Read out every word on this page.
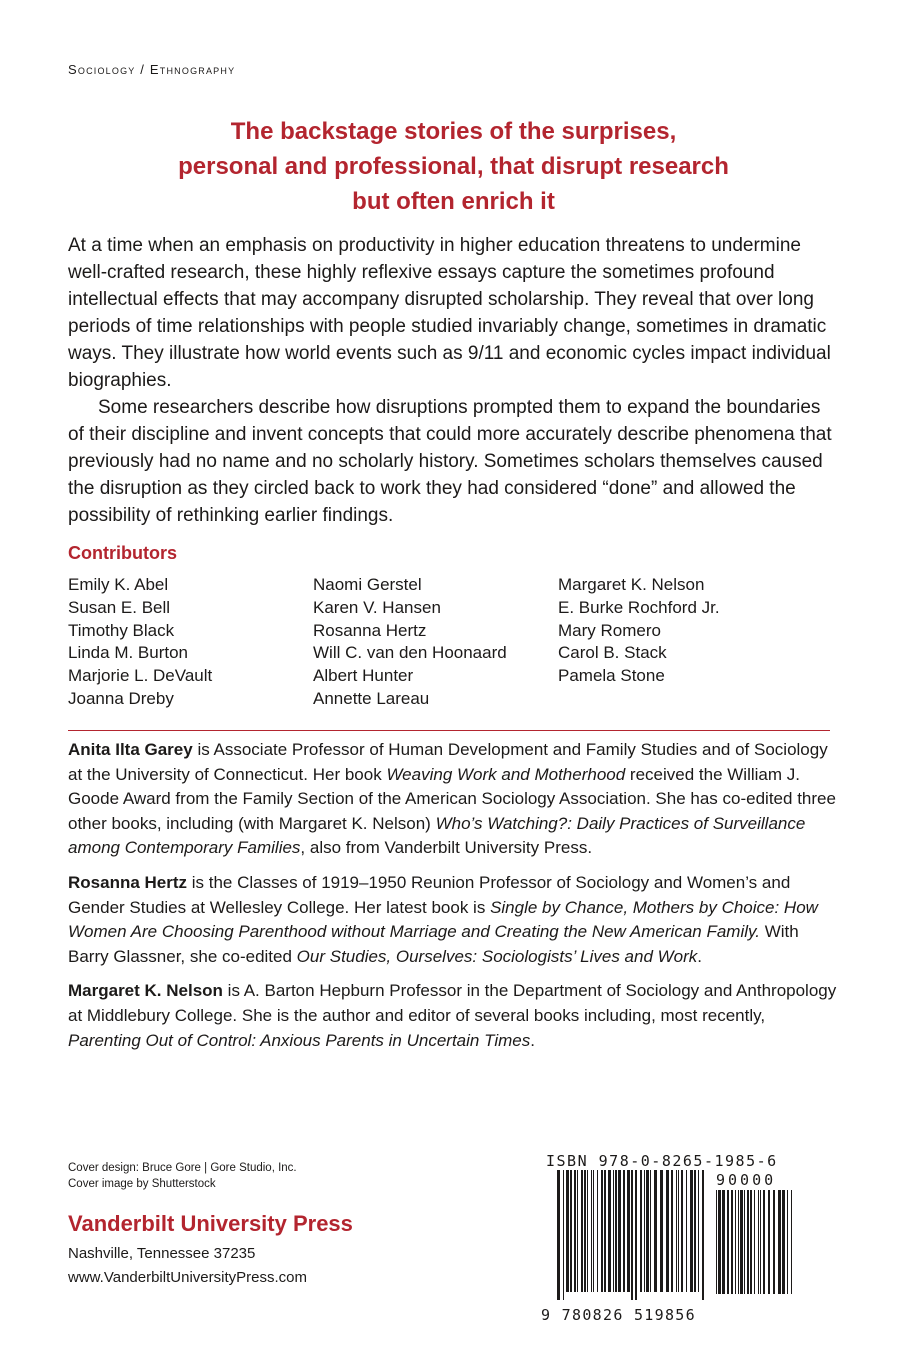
Sociology / Ethnography
The backstage stories of the surprises,
personal and professional, that disrupt research
but often enrich it

At a time when an emphasis on productivity in higher education threatens to undermine well-crafted research, these highly reflexive essays capture the sometimes profound intellectual effects that may accompany disrupted scholarship. They reveal that over long periods of time relationships with people studied invariably change, sometimes in dramatic ways. They illustrate how world events such as 9/11 and economic cycles impact individual biographies.

Some researchers describe how disruptions prompted them to expand the boundaries of their discipline and invent concepts that could more accurately describe phenomena that previously had no name and no scholarly history. Sometimes scholars themselves caused the disruption as they circled back to work they had considered “done” and allowed the possibility of rethinking earlier findings.

Contributors
Emily K. Abel
Susan E. Bell
Timothy Black
Linda M. Burton
Marjorie L. DeVault
Joanna Dreby
Naomi Gerstel
Karen V. Hansen
Rosanna Hertz
Will C. van den Hoonaard
Albert Hunter
Annette Lareau
Margaret K. Nelson
E. Burke Rochford Jr.
Mary Romero
Carol B. Stack
Pamela Stone

Anita Ilta Garey is Associate Professor of Human Development and Family Studies and of Sociology at the University of Connecticut. Her book Weaving Work and Motherhood received the William J. Goode Award from the Family Section of the American Sociology Association. She has co-edited three other books, including (with Margaret K. Nelson) Who’s Watching?: Daily Practices of Surveillance among Contemporary Families, also from Vanderbilt University Press.

Rosanna Hertz is the Classes of 1919–1950 Reunion Professor of Sociology and Women’s and Gender Studies at Wellesley College. Her latest book is Single by Chance, Mothers by Choice: How Women Are Choosing Parenthood without Marriage and Creating the New American Family. With Barry Glassner, she co-edited Our Studies, Ourselves: Sociologists’ Lives and Work.

Margaret K. Nelson is A. Barton Hepburn Professor in the Department of Sociology and Anthropology at Middlebury College. She is the author and editor of several books including, most recently, Parenting Out of Control: Anxious Parents in Uncertain Times.

Cover design: Bruce Gore | Gore Studio, Inc.
Cover image by Shutterstock
Vanderbilt University Press
Nashville, Tennessee 37235
www.VanderbiltUniversityPress.com
ISBN 978-0-8265-1985-6
90000
9 780826 519856
